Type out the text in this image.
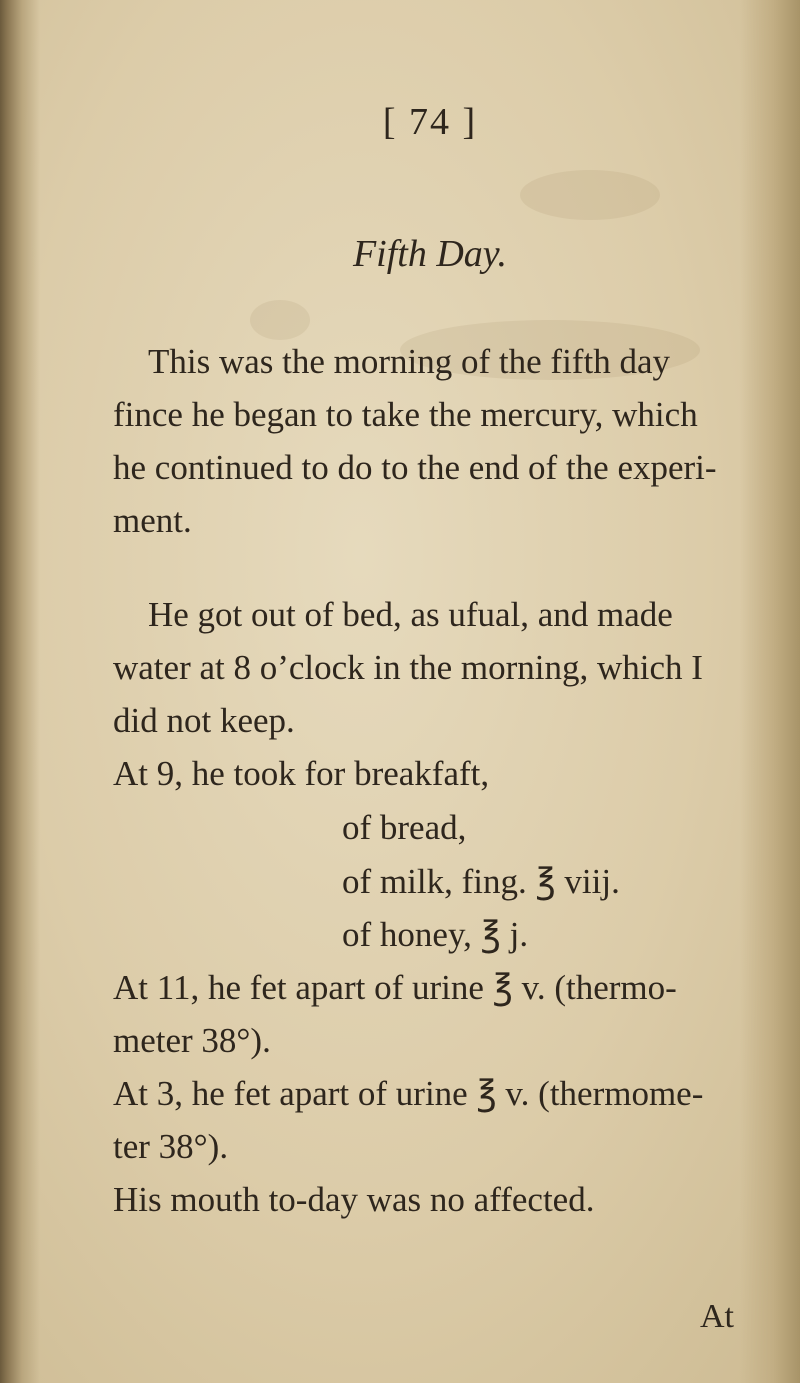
[ 74 ]
Fifth Day.
This was the morning of the fifth day
fince he began to take the mercury, which
he continued to do to the end of the experi-
ment.
He got out of bed, as ufual, and made
water at 8 o’clock in the morning, which I
did not keep.
At 9, he took for breakfaft,
of bread,
of milk, fing. ℥ viij.
of honey, ℥ j.
At 11, he fet apart of urine ℥ v. (thermo-
meter 38°).
At 3, he fet apart of urine ℥ v. (thermome-
ter 38°).
His mouth to-day was no affected.
At
